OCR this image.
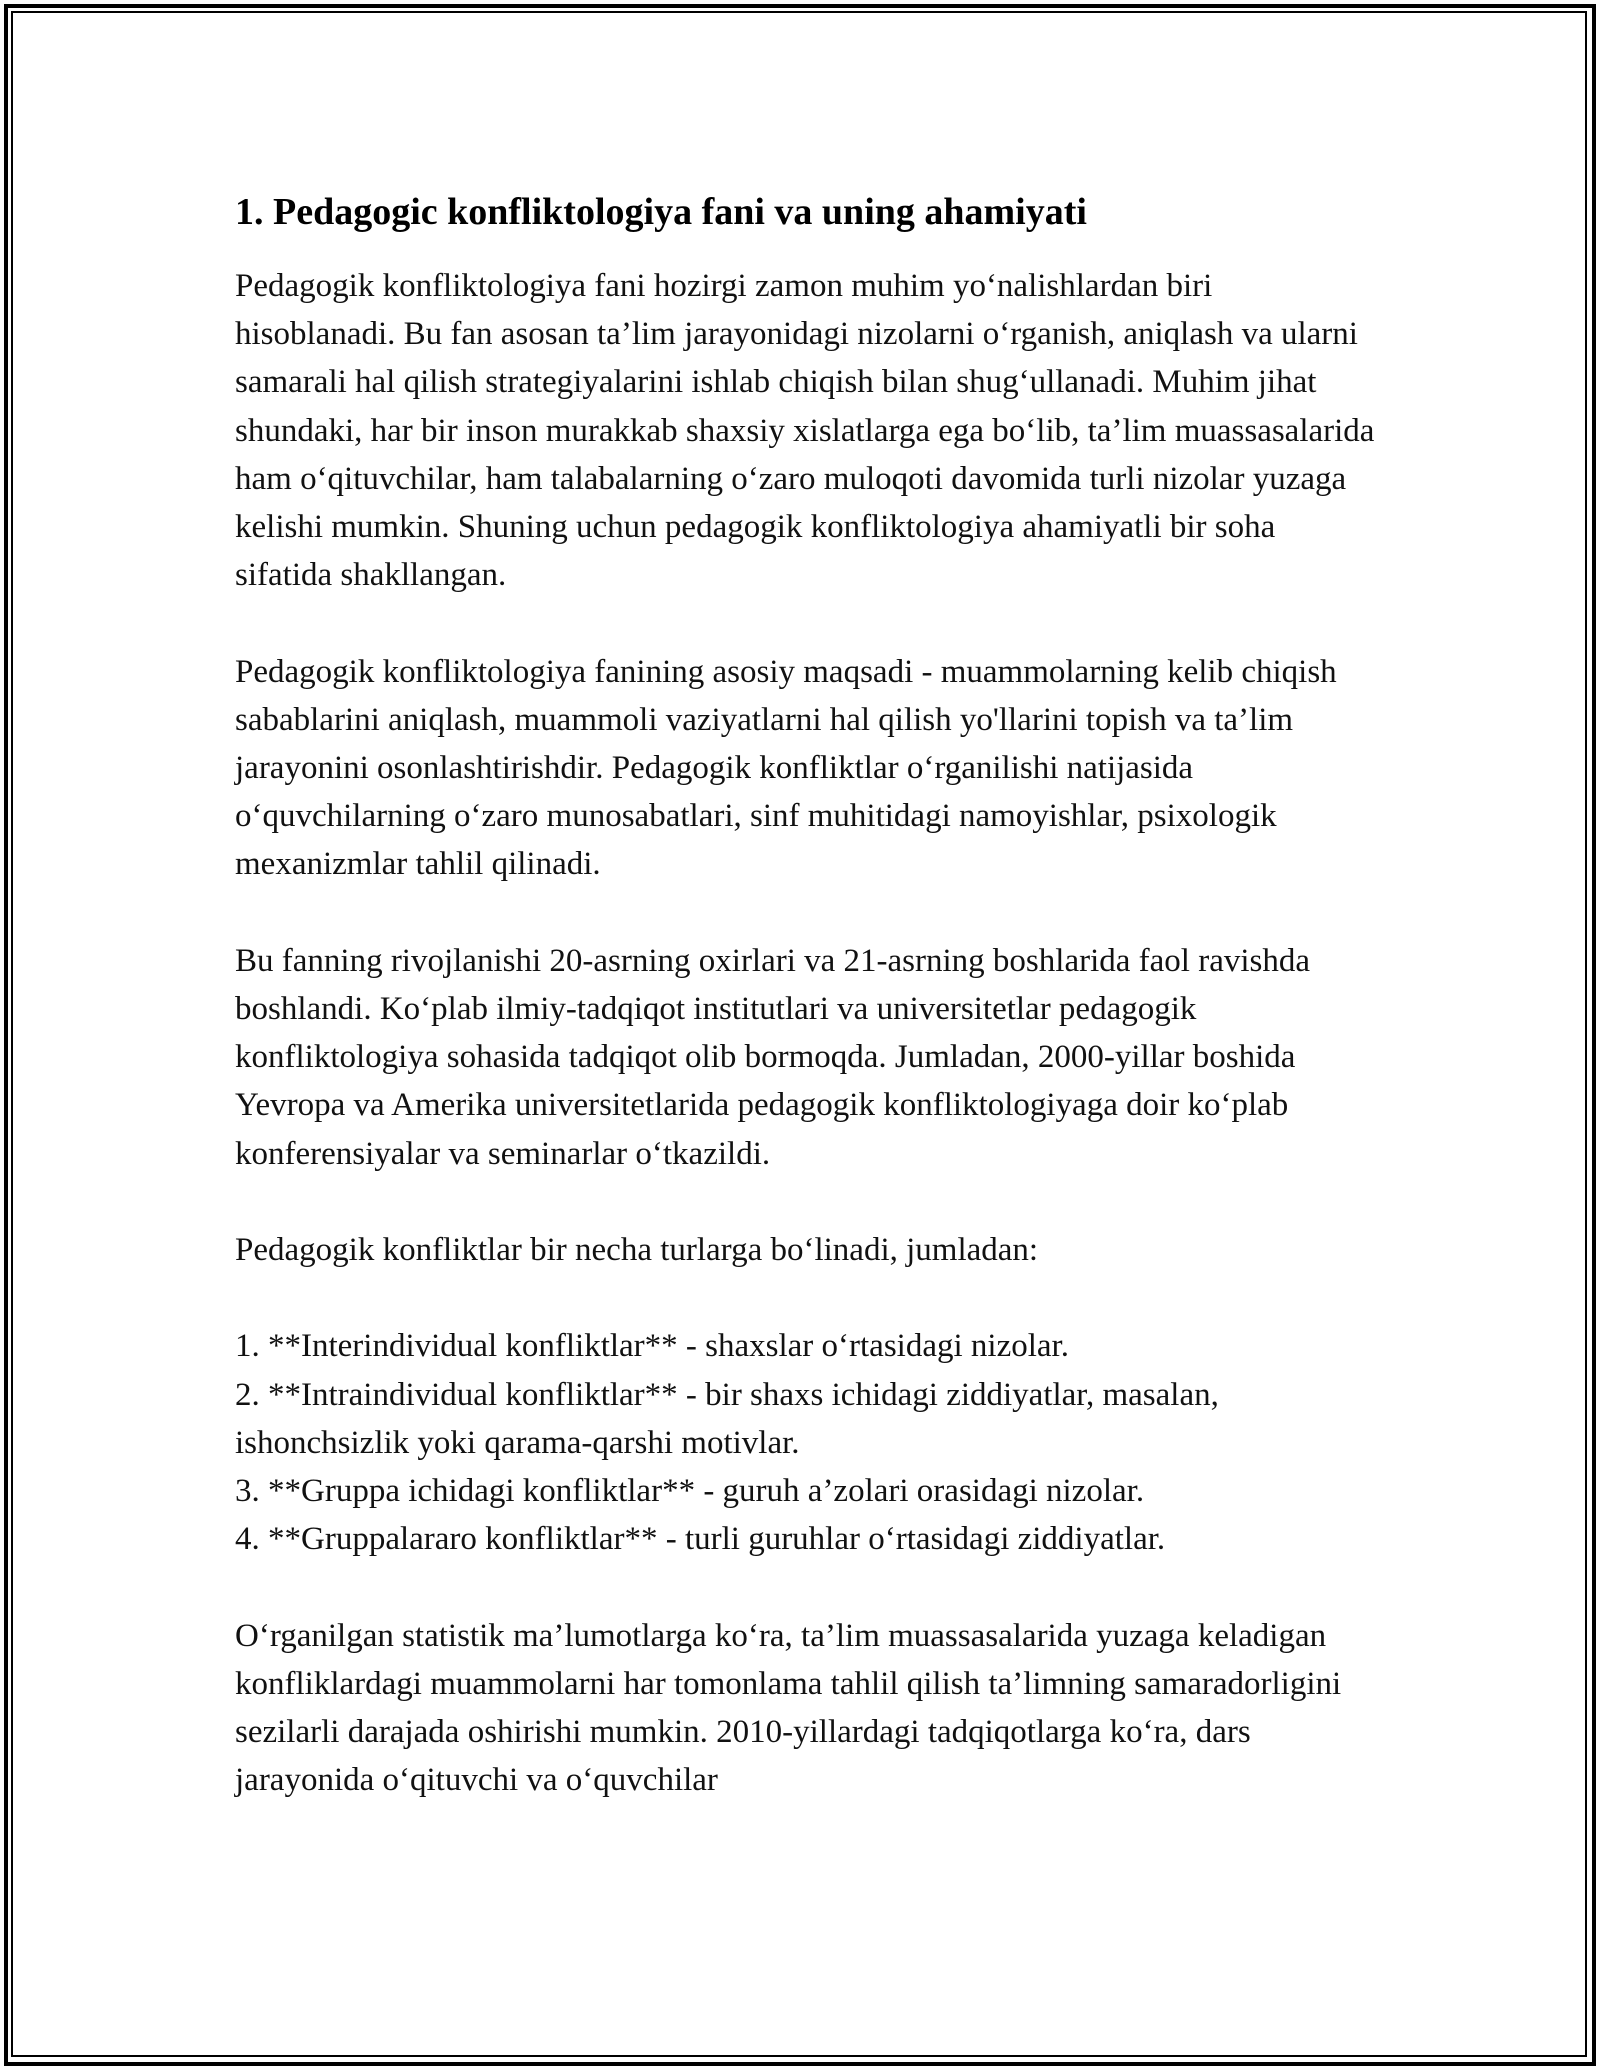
1. Pedagogic konfliktologiya fani va uning ahamiyati

Pedagogik konfliktologiya fani hozirgi zamon muhim yo‘nalishlardan biri hisoblanadi. Bu fan asosan ta’lim jarayonidagi nizolarni o‘rganish, aniqlash va ularni samarali hal qilish strategiyalarini ishlab chiqish bilan shug‘ullanadi. Muhim jihat shundaki, har bir inson murakkab shaxsiy xislatlarga ega bo‘lib, ta’lim muassasalarida ham o‘qituvchilar, ham talabalarning o‘zaro muloqoti davomida turli nizolar yuzaga kelishi mumkin. Shuning uchun pedagogik konfliktologiya ahamiyatli bir soha sifatida shakllangan.

Pedagogik konfliktologiya fanining asosiy maqsadi - muammolarning kelib chiqish sabablarini aniqlash, muammoli vaziyatlarni hal qilish yo'llarini topish va ta’lim jarayonini osonlashtirishdir. Pedagogik konfliktlar o‘rganilishi natijasida o‘quvchilarning o‘zaro munosabatlari, sinf muhitidagi namoyishlar, psixologik mexanizmlar tahlil qilinadi.

Bu fanning rivojlanishi 20-asrning oxirlari va 21-asrning boshlarida faol ravishda boshlandi. Ko‘plab ilmiy-tadqiqot institutlari va universitetlar pedagogik konfliktologiya sohasida tadqiqot olib bormoqda. Jumladan, 2000-yillar boshida Yevropa va Amerika universitetlarida pedagogik konfliktologiyaga doir ko‘plab konferensiyalar va seminarlar o‘tkazildi.

Pedagogik konfliktlar bir necha turlarga bo‘linadi, jumladan:

1. **Interindividual konfliktlar** - shaxslar o‘rtasidagi nizolar.
2. **Intraindividual konfliktlar** - bir shaxs ichidagi ziddiyatlar, masalan, ishonchsizlik yoki qarama-qarshi motivlar.
3. **Gruppa ichidagi konfliktlar** - guruh a’zolari orasidagi nizolar.
4. **Gruppalararo konfliktlar** - turli guruhlar o‘rtasidagi ziddiyatlar.

O‘rganilgan statistik ma’lumotlarga ko‘ra, ta’lim muassasalarida yuzaga keladigan konfliklardagi muammolarni har tomonlama tahlil qilish ta’limning samaradorligini sezilarli darajada oshirishi mumkin. 2010-yillardagi tadqiqotlarga ko‘ra, dars jarayonida o‘qituvchi va o‘quvchilar
